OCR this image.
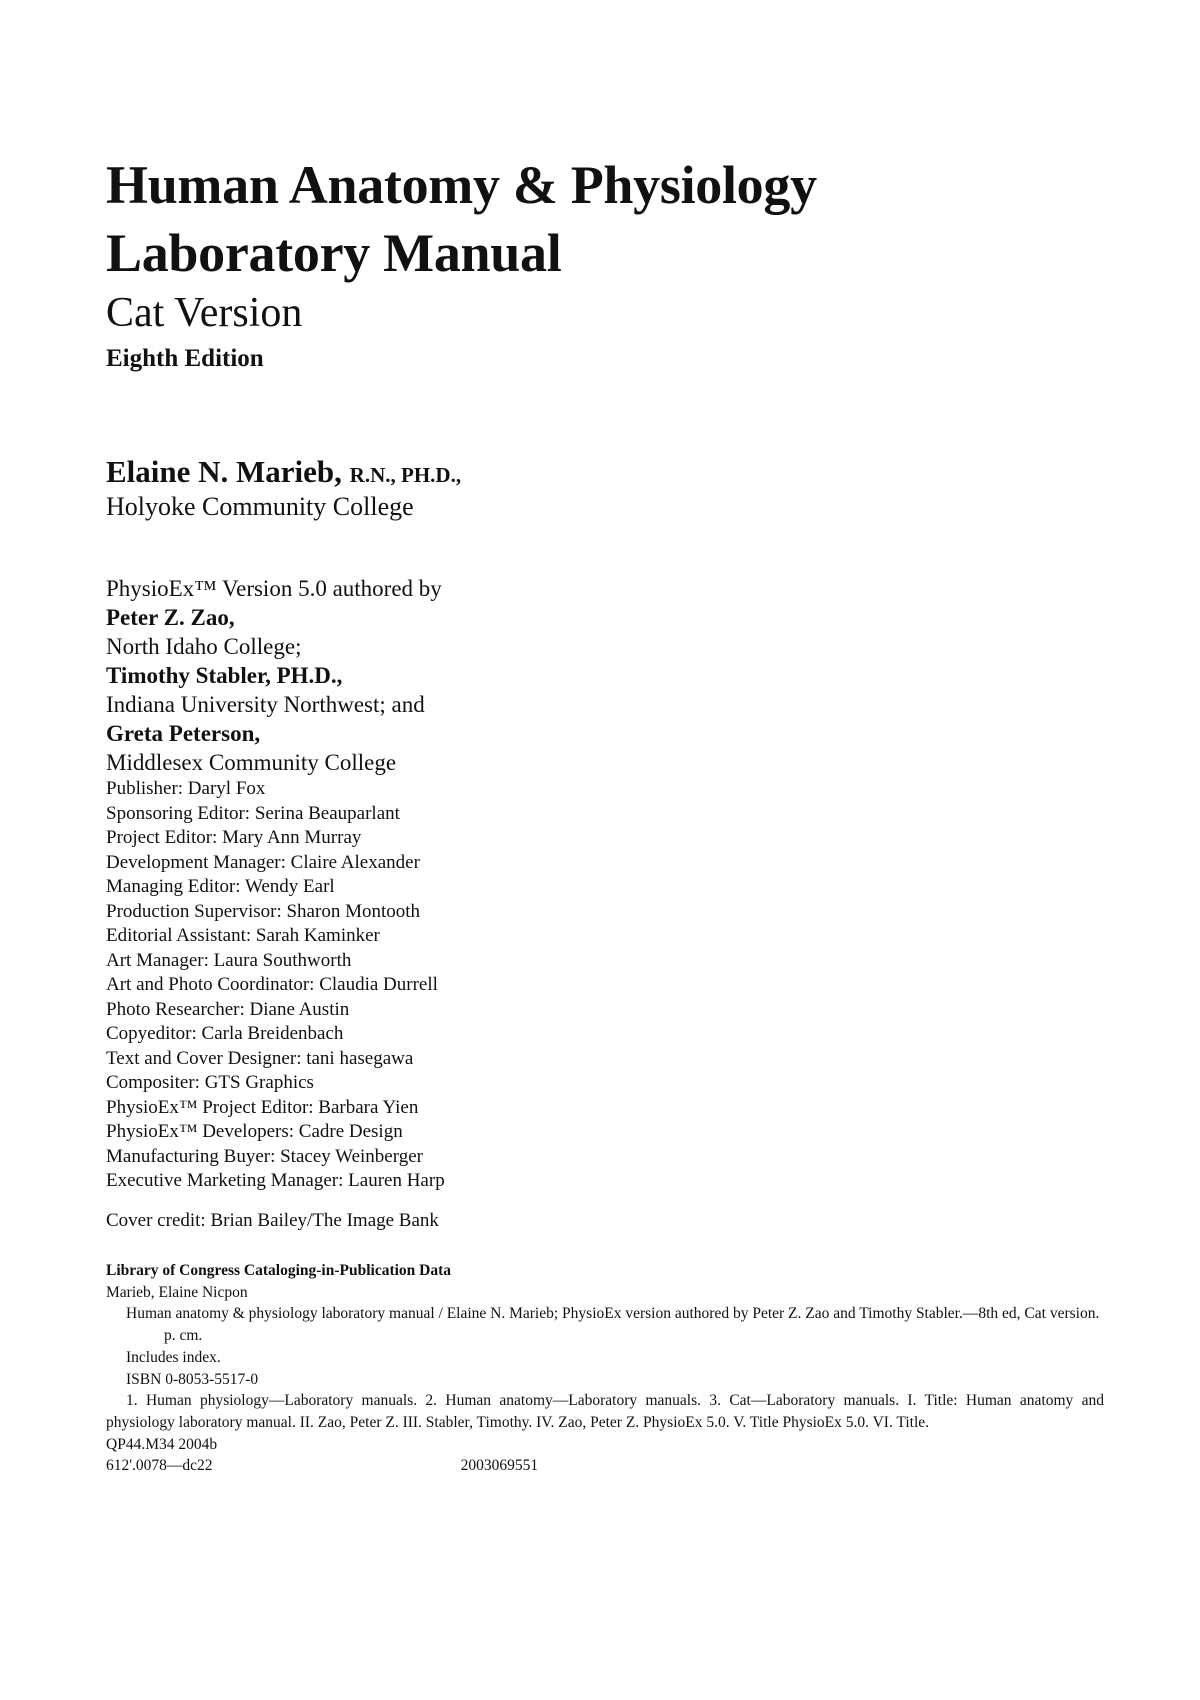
Human Anatomy & Physiology
Laboratory Manual
Cat Version
Eighth Edition
Elaine N. Marieb, R.N., PH.D.,
Holyoke Community College
PhysioEx™ Version 5.0 authored by
Peter Z. Zao,
North Idaho College;
Timothy Stabler, PH.D.,
Indiana University Northwest; and
Greta Peterson,
Middlesex Community College
Publisher: Daryl Fox
Sponsoring Editor: Serina Beauparlant
Project Editor: Mary Ann Murray
Development Manager: Claire Alexander
Managing Editor: Wendy Earl
Production Supervisor: Sharon Montooth
Editorial Assistant: Sarah Kaminker
Art Manager: Laura Southworth
Art and Photo Coordinator: Claudia Durrell
Photo Researcher: Diane Austin
Copyeditor: Carla Breidenbach
Text and Cover Designer: tani hasegawa
Compositer: GTS Graphics
PhysioEx™ Project Editor: Barbara Yien
PhysioEx™ Developers: Cadre Design
Manufacturing Buyer: Stacey Weinberger
Executive Marketing Manager: Lauren Harp
Cover credit: Brian Bailey/The Image Bank
Library of Congress Cataloging-in-Publication Data
Marieb, Elaine Nicpon
Human anatomy & physiology laboratory manual / Elaine N. Marieb; PhysioEx version authored by Peter Z. Zao and Timothy Stabler.—8th ed, Cat version.
p. cm.
Includes index.
ISBN 0-8053-5517-0
1. Human physiology—Laboratory manuals. 2. Human anatomy—Laboratory manuals. 3. Cat—Laboratory manuals. I. Title: Human anatomy and physiology laboratory manual. II. Zao, Peter Z. III. Stabler, Timothy. IV. Zao, Peter Z. PhysioEx 5.0. V. Title PhysioEx 5.0. VI. Title.
QP44.M34 2004b
612'.0078—dc22	2003069551
